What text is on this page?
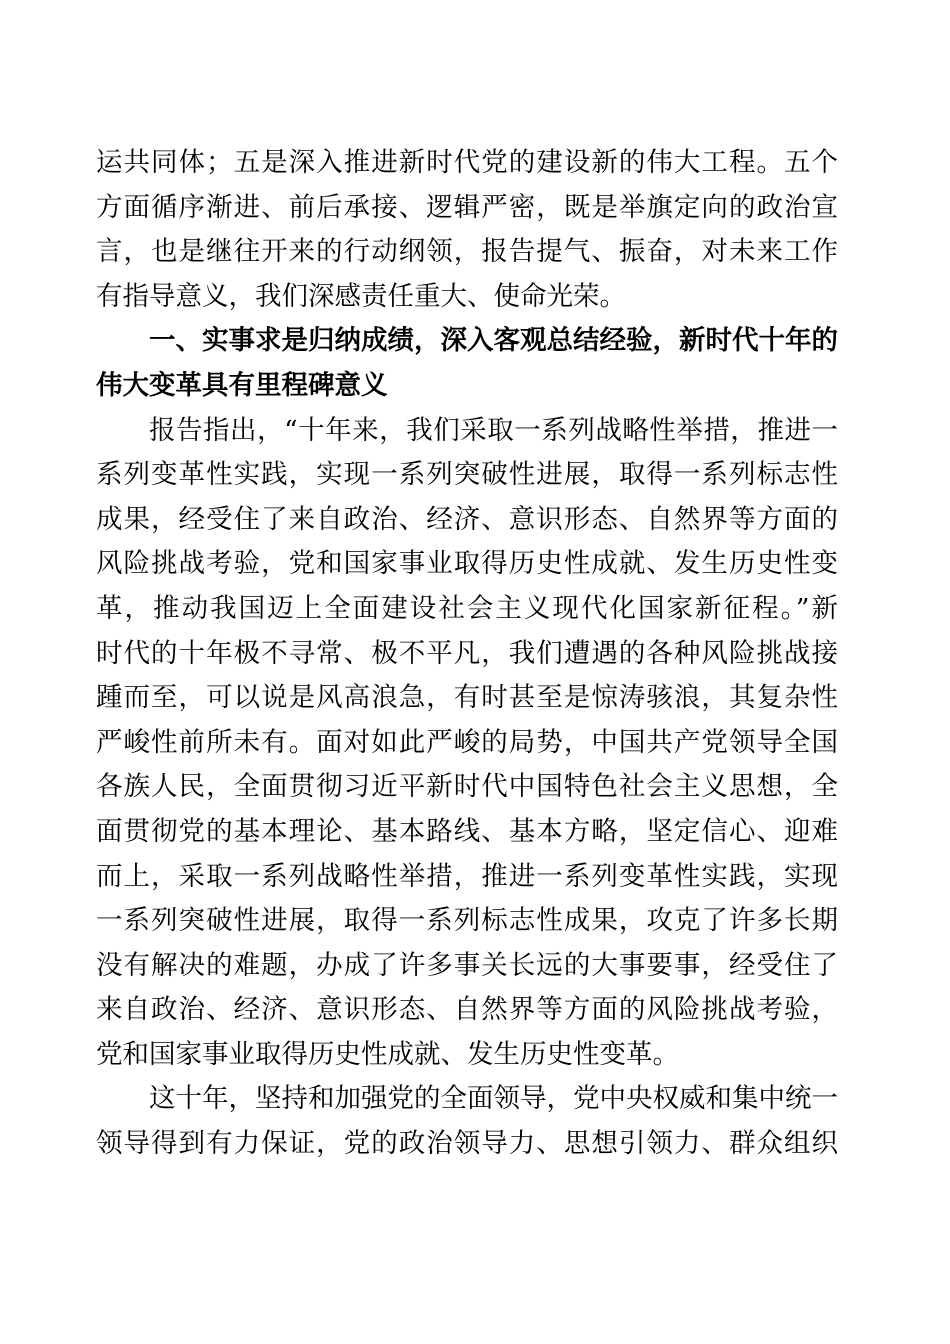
运共同体；五是深入推进新时代党的建设新的伟大工程。五个
方面循序渐进、前后承接、逻辑严密，既是举旗定向的政治宣
言，也是继往开来的行动纲领，报告提气、振奋，对未来工作
有指导意义，我们深感责任重大、使命光荣。
一、实事求是归纳成绩，深入客观总结经验，新时代十年的
伟大变革具有里程碑意义
报告指出，“十年来，我们采取一系列战略性举措，推进一
系列变革性实践，实现一系列突破性进展，取得一系列标志性
成果，经受住了来自政治、经济、意识形态、自然界等方面的
风险挑战考验，党和国家事业取得历史性成就、发生历史性变
革，推动我国迈上全面建设社会主义现代化国家新征程。”新
时代的十年极不寻常、极不平凡，我们遭遇的各种风险挑战接
踵而至，可以说是风高浪急，有时甚至是惊涛骇浪，其复杂性
严峻性前所未有。面对如此严峻的局势，中国共产党领导全国
各族人民，全面贯彻习近平新时代中国特色社会主义思想，全
面贯彻党的基本理论、基本路线、基本方略，坚定信心、迎难
而上，采取一系列战略性举措，推进一系列变革性实践，实现
一系列突破性进展，取得一系列标志性成果，攻克了许多长期
没有解决的难题，办成了许多事关长远的大事要事，经受住了
来自政治、经济、意识形态、自然界等方面的风险挑战考验，
党和国家事业取得历史性成就、发生历史性变革。
这十年，坚持和加强党的全面领导，党中央权威和集中统一
领导得到有力保证，党的政治领导力、思想引领力、群众组织
